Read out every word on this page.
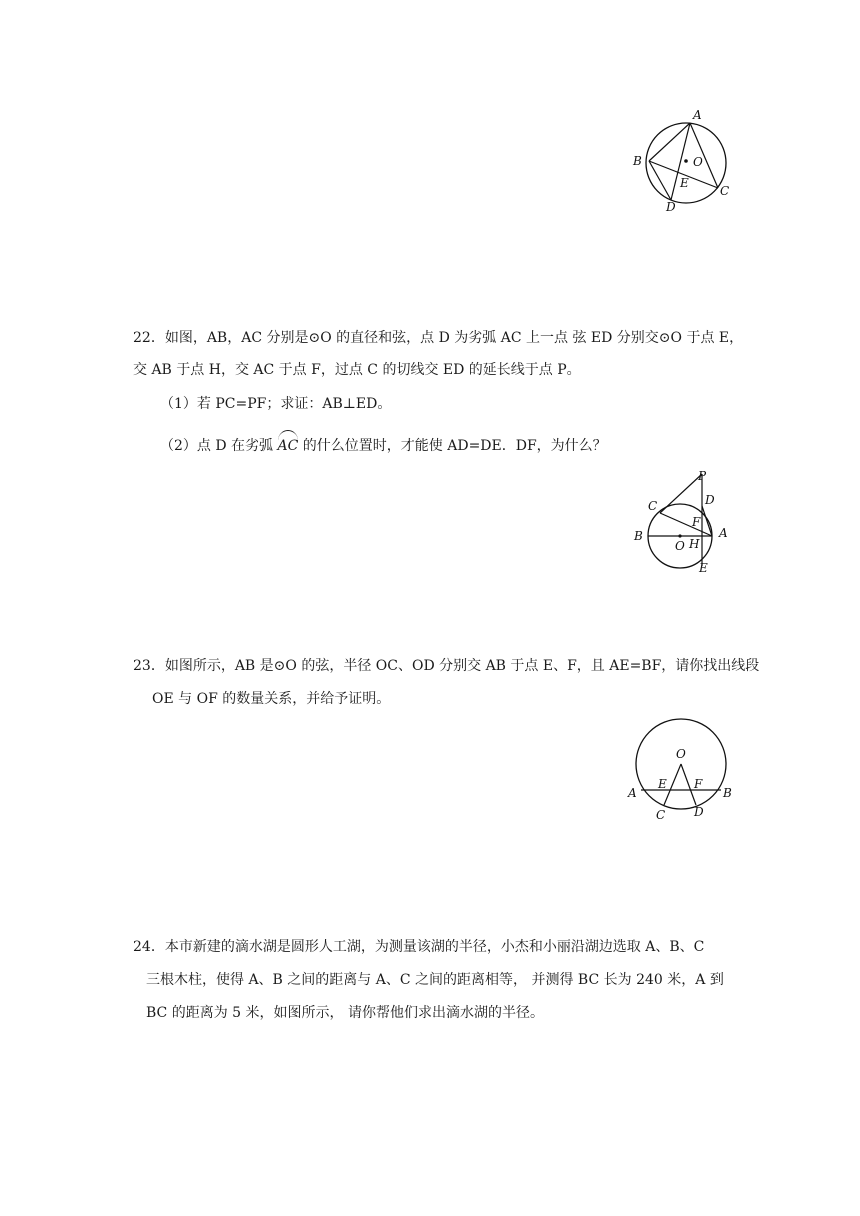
A
B	O
E
C
D
22．如图，AB，AC 分别是⊙O 的直径和弦，点 D 为劣弧 AC 上一点 弦 ED 分别交⊙O 于点 E，
交 AB 于点 H，交 AC 于点 F，过点 C 的切线交 ED 的延长线于点 P。
（1）若 PC=PF；求证：AB⊥ED。
（2）点 D 在劣弧 AC 的什么位置时，才能使 AD=DE．DF，为什么？
P
C	D
F
A
B
O H
E
23．如图所示，AB 是⊙O 的弦，半径 OC、OD 分别交 AB 于点 E、F，且 AE=BF，请你找出线段
OE 与 OF 的数量关系，并给予证明。
O
E F
A	B
C D
24．本市新建的滴水湖是圆形人工湖，为测量该湖的半径，小杰和小丽沿湖边选取 A、B、C
三根木柱，使得 A、B 之间的距离与 A、C 之间的距离相等， 并测得 BC 长为 240 米，A 到
BC 的距离为 5 米，如图所示， 请你帮他们求出滴水湖的半径。
